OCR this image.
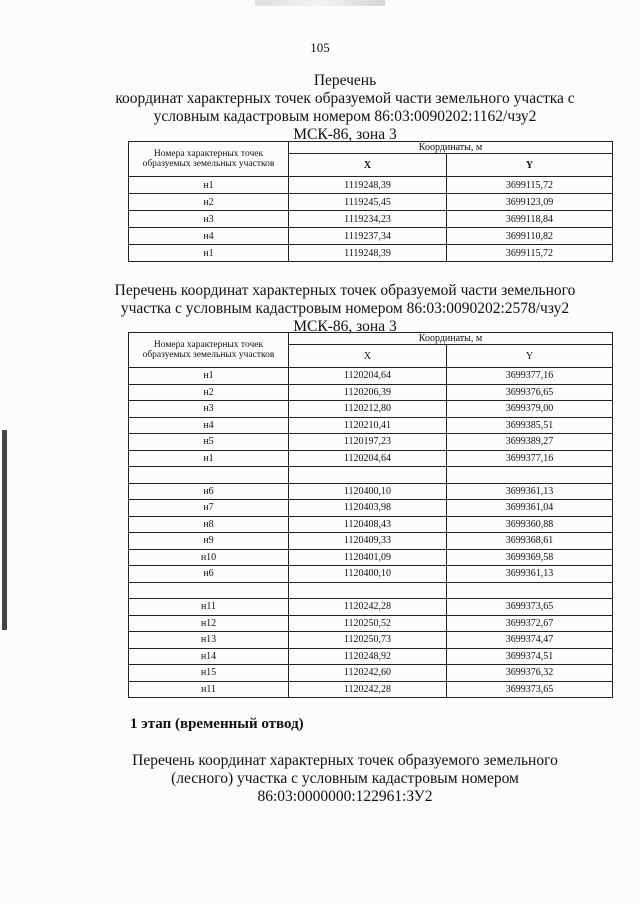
105
Перечень
координат характерных точек образуемой части земельного участка с
условным кадастровым номером 86:03:0090202:1162/чзу2
МСК-86, зона 3
Номера характерных точек образуемых земельных участков	Координаты, м	
	X	Y
н1	1119248,39	3699115,72
н2	1119245,45	3699123,09
н3	1119234,23	3699118,84
н4	1119237,34	3699110,82
н1	1119248,39	3699115,72
Перечень координат характерных точек образуемой части земельного
участка с условным кадастровым номером 86:03:0090202:2578/чзу2
МСК-86, зона 3
Номера характерных точек образуемых земельных участков	Координаты, м	
	X	Y
н1	1120204,64	3699377,16
н2	1120206,39	3699376,65
н3	1120212,80	3699379,00
н4	1120210,41	3699385,51
н5	1120197,23	3699389,27
н1	1120204,64	3699377,16

н6	1120400,10	3699361,13
н7	1120403,98	3699361,04
н8	1120408,43	3699360,88
н9	1120409,33	3699368,61
н10	1120401,09	3699369,58
н6	1120400,10	3699361,13

н11	1120242,28	3699373,65
н12	1120250,52	3699372,67
н13	1120250,73	3699374,47
н14	1120248,92	3699374,51
н15	1120242,60	3699376,32
н11	1120242,28	3699373,65
1 этап (временный отвод)
Перечень координат характерных точек образуемого земельного
(лесного) участка с условным кадастровым номером
86:03:0000000:122961:ЗУ2
